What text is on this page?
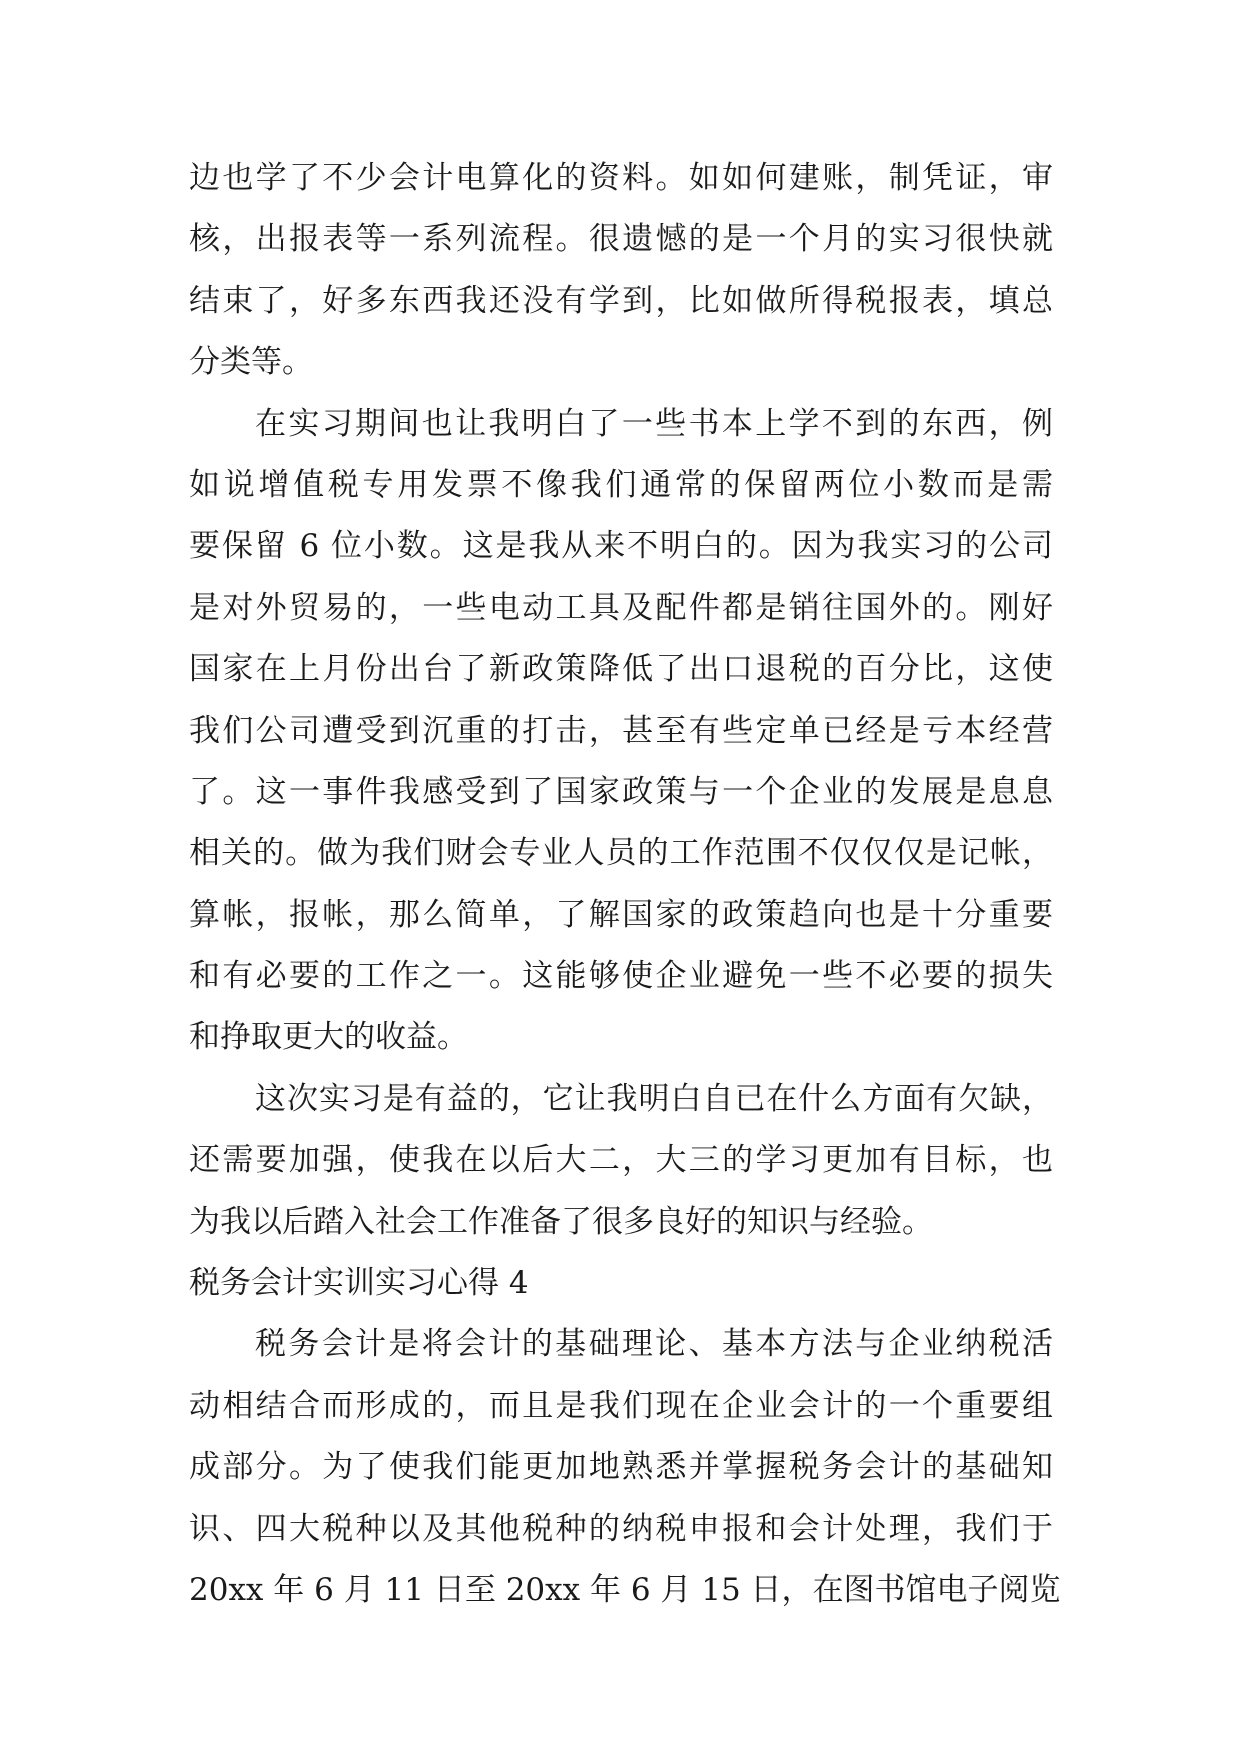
边也学了不少会计电算化的资料。如如何建账，制凭证，审
核，出报表等一系列流程。很遗憾的是一个月的实习很快就
结束了，好多东西我还没有学到，比如做所得税报表，填总
分类等。
在实习期间也让我明白了一些书本上学不到的东西，例
如说增值税专用发票不像我们通常的保留两位小数而是需
要保留 6 位小数。这是我从来不明白的。因为我实习的公司
是对外贸易的，一些电动工具及配件都是销往国外的。刚好
国家在上月份出台了新政策降低了出口退税的百分比，这使
我们公司遭受到沉重的打击，甚至有些定单已经是亏本经营
了。这一事件我感受到了国家政策与一个企业的发展是息息
相关的。做为我们财会专业人员的工作范围不仅仅仅是记帐，
算帐，报帐，那么简单，了解国家的政策趋向也是十分重要
和有必要的工作之一。这能够使企业避免一些不必要的损失
和挣取更大的收益。
这次实习是有益的，它让我明白自已在什么方面有欠缺，
还需要加强，使我在以后大二，大三的学习更加有目标，也
为我以后踏入社会工作准备了很多良好的知识与经验。
税务会计实训实习心得 4
税务会计是将会计的基础理论、基本方法与企业纳税活
动相结合而形成的，而且是我们现在企业会计的一个重要组
成部分。为了使我们能更加地熟悉并掌握税务会计的基础知
识、四大税种以及其他税种的纳税申报和会计处理，我们于
20xx 年 6 月 11 日至 20xx 年 6 月 15 日，在图书馆电子阅览
